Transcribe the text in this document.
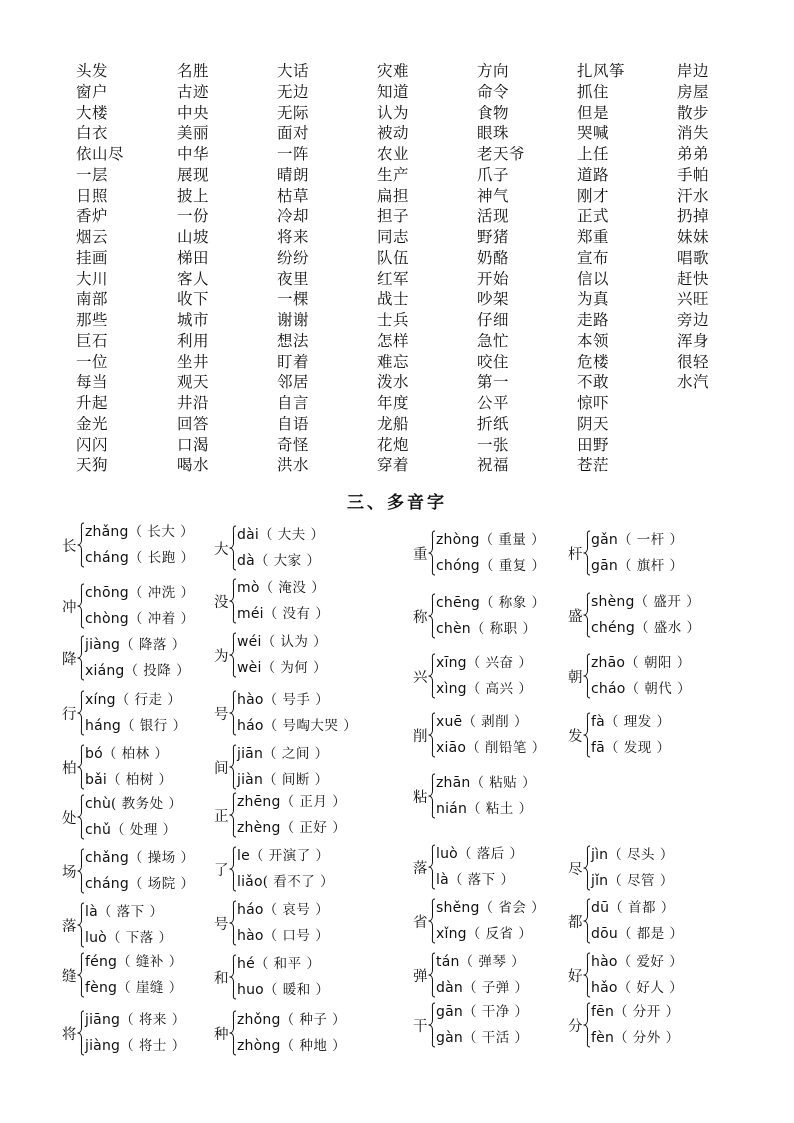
头发
窗户
大楼
白衣
依山尽
一层
日照
香炉
烟云
挂画
大川
南部
那些
巨石
一位
每当
升起
金光
闪闪
天狗
名胜
古迹
中央
美丽
中华
展现
披上
一份
山坡
梯田
客人
收下
城市
利用
坐井
观天
井沿
回答
口渴
喝水
大话
无边
无际
面对
一阵
晴朗
枯草
冷却
将来
纷纷
夜里
一棵
谢谢
想法
盯着
邻居
自言
自语
奇怪
洪水
灾难
知道
认为
被动
农业
生产
扁担
担子
同志
队伍
红军
战士
士兵
怎样
难忘
泼水
年度
龙船
花炮
穿着
方向
命令
食物
眼珠
老天爷
爪子
神气
活现
野猪
奶酪
开始
吵架
仔细
急忙
咬住
第一
公平
折纸
一张
祝福
扎风筝
抓住
但是
哭喊
上任
道路
刚才
正式
郑重
宣布
信以
为真
走路
本领
危楼
不敢
惊吓
阴天
田野
苍茫
岸边
房屋
散步
消失
弟弟
手帕
汗水
扔掉
妹妹
唱歌
赶快
兴旺
旁边
浑身
很轻
水汽
三、多音字
长
zhǎng（ 长大 ）
cháng（ 长跑 ）
冲
chōng（ 冲洗 ）
chòng（ 冲着 ）
降
jiàng（ 降落 ）
xiáng（ 投降 ）
行
xíng（ 行走 ）
háng（ 银行 ）
柏
bó（ 柏林 ）
bǎi（ 柏树 ）
处
chù( 教务处 ）
chǔ（ 处理 ）
场
chǎng（ 操场 ）
cháng（ 场院 ）
落
là（ 落下 ）
luò（ 下落 ）
缝
féng（ 缝补 ）
fèng（ 崖缝 ）
将
jiāng（ 将来 ）
jiàng（ 将士 ）
大
dài（ 大夫 ）
dà（ 大家 ）
没
mò（ 淹没 ）
méi（ 没有 ）
为
wéi（ 认为 ）
wèi（ 为何 ）
号
hào（ 号手 ）
háo（ 号啕大哭 ）
间
jiān（ 之间 ）
jiàn（ 间断 ）
正
zhēng（ 正月 ）
zhèng（ 正好 ）
了
le（ 开演了 ）
liǎo( 看不了 ）
号
háo（ 哀号 ）
hào（ 口号 ）
和
hé（ 和平 ）
huo（ 暖和 ）
种
zhǒng（ 种子 ）
zhòng（ 种地 ）
重
zhòng（ 重量 ）
chóng（ 重复 ）
称
chēng（ 称象 ）
chèn（ 称职 ）
兴
xīng（ 兴奋 ）
xìng（ 高兴 ）
削
xuē（ 剥削 ）
xiāo（ 削铅笔 ）
粘
zhān（ 粘贴 ）
nián（ 粘土 ）
落
luò（ 落后 ）
là（ 落下 ）
省
shěng（ 省会 ）
xǐng（ 反省 ）
弹
tán（ 弹琴 ）
dàn（ 子弹 ）
干
gān（ 干净 ）
gàn（ 干活 ）
杆
gǎn（ 一杆 ）
gān（ 旗杆 ）
盛
shèng（ 盛开 ）
chéng（ 盛水 ）
朝
zhāo（ 朝阳 ）
cháo（ 朝代 ）
发
fà（ 理发 ）
fā（ 发现 ）
尽
jìn（ 尽头 ）
jǐn（ 尽管 ）
都
dū（ 首都 ）
dōu（ 都是 ）
好
hào（ 爱好 ）
hǎo（ 好人 ）
分
fēn（ 分开 ）
fèn（ 分外 ）
